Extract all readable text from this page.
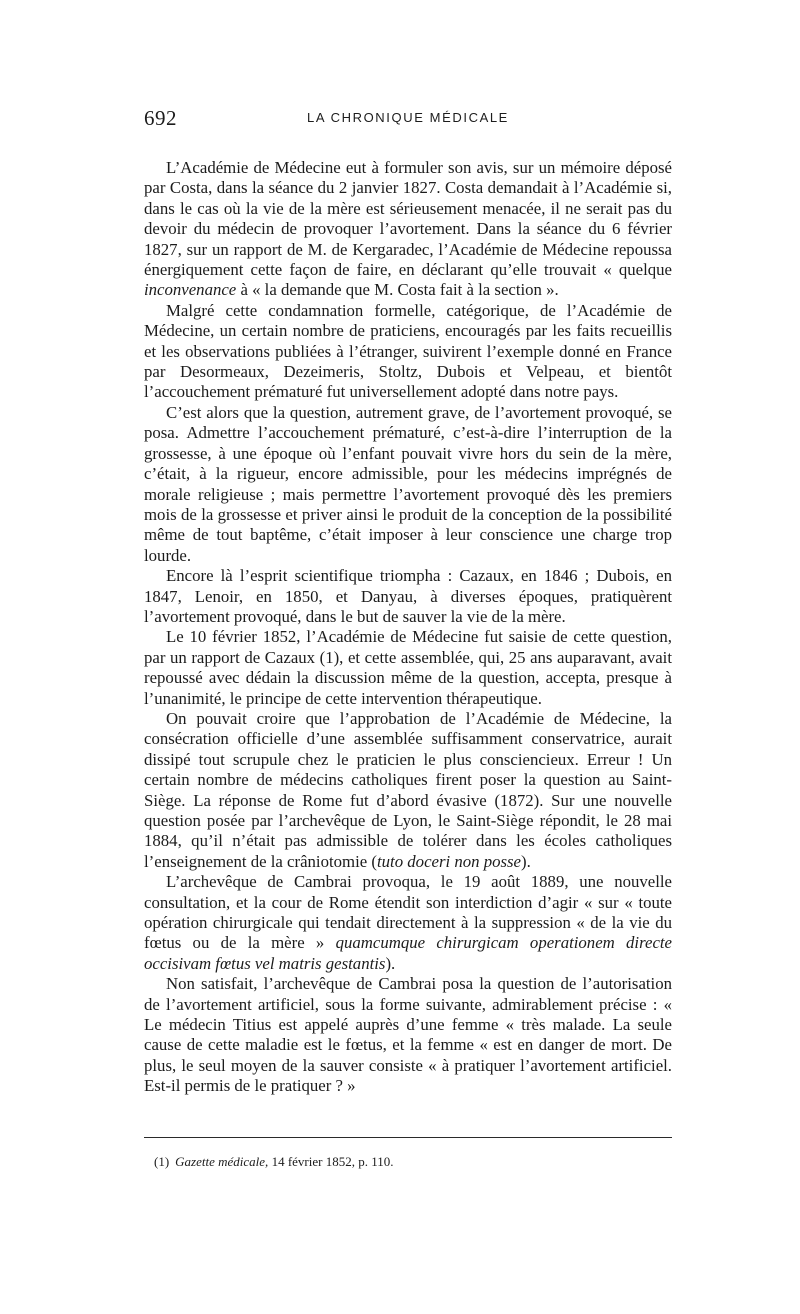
692	LA CHRONIQUE MÉDICALE

L’Académie de Médecine eut à formuler son avis, sur un mémoire déposé par Costa, dans la séance du 2 janvier 1827. Costa demandait à l’Académie si, dans le cas où la vie de la mère est sérieusement menacée, il ne serait pas du devoir du médecin de provoquer l’avortement. Dans la séance du 6 février 1827, sur un rapport de M. de Kergaradec, l’Académie de Médecine repoussa énergiquement cette façon de faire, en déclarant qu’elle trouvait « quelque inconvenance à « la demande que M. Costa fait à la section ».

Malgré cette condamnation formelle, catégorique, de l’Académie de Médecine, un certain nombre de praticiens, encouragés par les faits recueillis et les observations publiées à l’étranger, suivirent l’exemple donné en France par Desormeaux, Dezeimeris, Stoltz, Dubois et Velpeau, et bientôt l’accouchement prématuré fut universellement adopté dans notre pays.

C’est alors que la question, autrement grave, de l’avortement provoqué, se posa. Admettre l’accouchement prématuré, c’est-à-dire l’interruption de la grossesse, à une époque où l’enfant pouvait vivre hors du sein de la mère, c’était, à la rigueur, encore admissible, pour les médecins imprégnés de morale religieuse ; mais permettre l’avortement provoqué dès les premiers mois de la grossesse et priver ainsi le produit de la conception de la possibilité même de tout baptême, c’était imposer à leur conscience une charge trop lourde.

Encore là l’esprit scientifique triompha : Cazaux, en 1846 ; Dubois, en 1847, Lenoir, en 1850, et Danyau, à diverses époques, pratiquèrent l’avortement provoqué, dans le but de sauver la vie de la mère.

Le 10 février 1852, l’Académie de Médecine fut saisie de cette question, par un rapport de Cazaux (1), et cette assemblée, qui, 25 ans auparavant, avait repoussé avec dédain la discussion même de la question, accepta, presque à l’unanimité, le principe de cette intervention thérapeutique.

On pouvait croire que l’approbation de l’Académie de Médecine, la consécration officielle d’une assemblée suffisamment conservatrice, aurait dissipé tout scrupule chez le praticien le plus consciencieux. Erreur ! Un certain nombre de médecins catholiques firent poser la question au Saint-Siège. La réponse de Rome fut d’abord évasive (1872). Sur une nouvelle question posée par l’archevêque de Lyon, le Saint-Siège répondit, le 28 mai 1884, qu’il n’était pas admissible de tolérer dans les écoles catholiques l’enseignement de la crâniotomie (tuto doceri non posse).

L’archevêque de Cambrai provoqua, le 19 août 1889, une nouvelle consultation, et la cour de Rome étendit son interdiction d’agir « sur « toute opération chirurgicale qui tendait directement à la suppression « de la vie du fœtus ou de la mère » quamcumque chirurgicam operationem directe occisivam fœtus vel matris gestantis).

Non satisfait, l’archevêque de Cambrai posa la question de l’autorisation de l’avortement artificiel, sous la forme suivante, admirablement précise : « Le médecin Titius est appelé auprès d’une femme « très malade. La seule cause de cette maladie est le fœtus, et la femme « est en danger de mort. De plus, le seul moyen de la sauver consiste « à pratiquer l’avortement artificiel. Est-il permis de le pratiquer ? »

(1) Gazette médicale, 14 février 1852, p. 110.
